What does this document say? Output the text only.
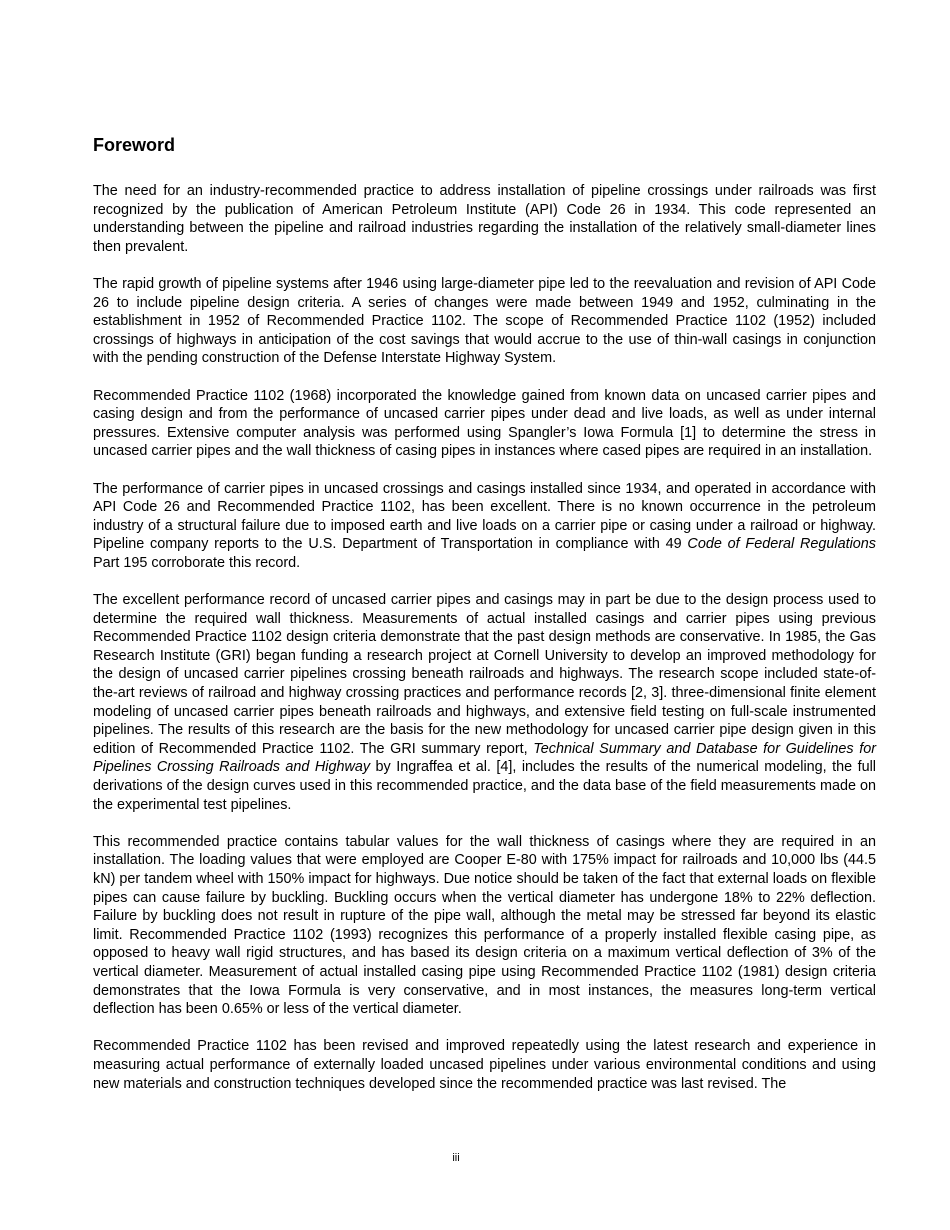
Foreword

The need for an industry-recommended practice to address installation of pipeline crossings under railroads was first recognized by the publication of American Petroleum Institute (API) Code 26 in 1934. This code represented an understanding between the pipeline and railroad industries regarding the installation of the relatively small-diameter lines then prevalent.

The rapid growth of pipeline systems after 1946 using large-diameter pipe led to the reevaluation and revision of API Code 26 to include pipeline design criteria. A series of changes were made between 1949 and 1952, culminating in the establishment in 1952 of Recommended Practice 1102. The scope of Recommended Practice 1102 (1952) included crossings of highways in anticipation of the cost savings that would accrue to the use of thin-wall casings in conjunction with the pending construction of the Defense Interstate Highway System.

Recommended Practice 1102 (1968) incorporated the knowledge gained from known data on uncased carrier pipes and casing design and from the performance of uncased carrier pipes under dead and live loads, as well as under internal pressures. Extensive computer analysis was performed using Spangler’s Iowa Formula [1] to determine the stress in uncased carrier pipes and the wall thickness of casing pipes in instances where cased pipes are required in an installation.

The performance of carrier pipes in uncased crossings and casings installed since 1934, and operated in accordance with API Code 26 and Recommended Practice 1102, has been excellent. There is no known occurrence in the petroleum industry of a structural failure due to imposed earth and live loads on a carrier pipe or casing under a railroad or highway. Pipeline company reports to the U.S. Department of Transportation in compliance with 49 Code of Federal Regulations Part 195 corroborate this record.

The excellent performance record of uncased carrier pipes and casings may in part be due to the design process used to determine the required wall thickness. Measurements of actual installed casings and carrier pipes using previous Recommended Practice 1102 design criteria demonstrate that the past design methods are conservative. In 1985, the Gas Research Institute (GRI) began funding a research project at Cornell University to develop an improved methodology for the design of uncased carrier pipelines crossing beneath railroads and highways. The research scope included state-of-the-art reviews of railroad and highway crossing practices and performance records [2, 3]. three-dimensional finite element modeling of uncased carrier pipes beneath railroads and highways, and extensive field testing on full-scale instrumented pipelines. The results of this research are the basis for the new methodology for uncased carrier pipe design given in this edition of Recommended Practice 1102. The GRI summary report, Technical Summary and Database for Guidelines for Pipelines Crossing Railroads and Highway by Ingraffea et al. [4], includes the results of the numerical modeling, the full derivations of the design curves used in this recommended practice, and the data base of the field measurements made on the experimental test pipelines.

This recommended practice contains tabular values for the wall thickness of casings where they are required in an installation. The loading values that were employed are Cooper E-80 with 175% impact for railroads and 10,000 lbs (44.5 kN) per tandem wheel with 150% impact for highways. Due notice should be taken of the fact that external loads on flexible pipes can cause failure by buckling. Buckling occurs when the vertical diameter has undergone 18% to 22% deflection. Failure by buckling does not result in rupture of the pipe wall, although the metal may be stressed far beyond its elastic limit. Recommended Practice 1102 (1993) recognizes this performance of a properly installed flexible casing pipe, as opposed to heavy wall rigid structures, and has based its design criteria on a maximum vertical deflection of 3% of the vertical diameter. Measurement of actual installed casing pipe using Recommended Practice 1102 (1981) design criteria demonstrates that the Iowa Formula is very conservative, and in most instances, the measures long-term vertical deflection has been 0.65% or less of the vertical diameter.

Recommended Practice 1102 has been revised and improved repeatedly using the latest research and experience in measuring actual performance of externally loaded uncased pipelines under various environmental conditions and using new materials and construction techniques developed since the recommended practice was last revised. The

iii
